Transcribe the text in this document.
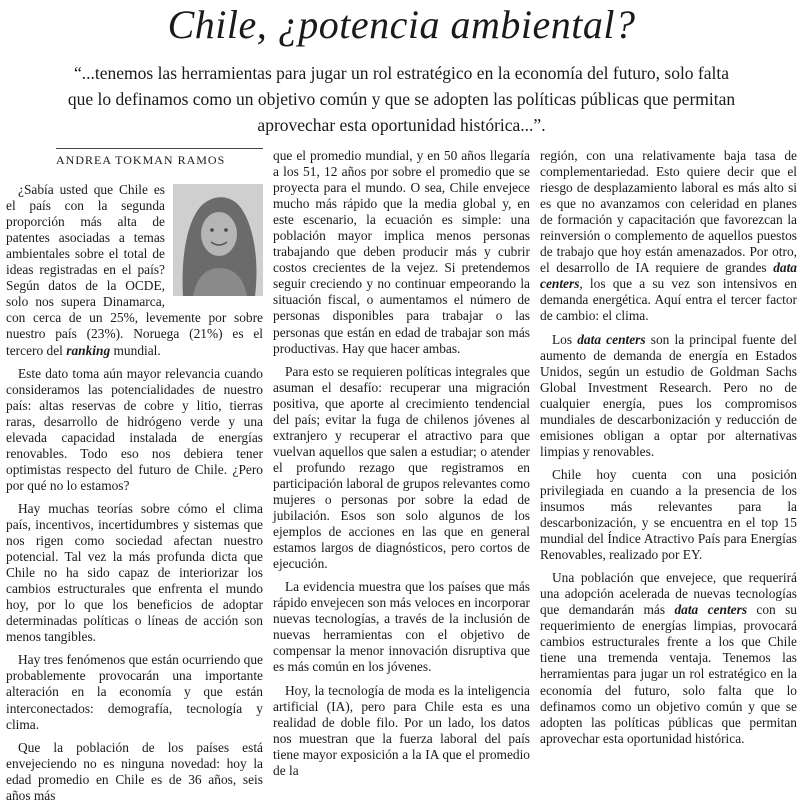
Chile, ¿potencia ambiental?
“...tenemos las herramientas para jugar un rol estratégico en la economía del futuro, solo falta que lo definamos como un objetivo común y que se adopten las políticas públicas que permitan aprovechar esta oportunidad histórica...”.
ANDREA TOKMAN RAMOS

¿Sabía usted que Chile es el país con la segunda proporción más alta de patentes asociadas a temas ambientales sobre el total de ideas registradas en el país? Según datos de la OCDE, solo nos supera Dinamarca, con cerca de un 25%, levemente por sobre nuestro país (23%). Noruega (21%) es el tercero del ranking mundial.

Este dato toma aún mayor relevancia cuando consideramos las potencialidades de nuestro país: altas reservas de cobre y litio, tierras raras, desarrollo de hidrógeno verde y una elevada capacidad instalada de energías renovables. Todo eso nos debiera tener optimistas respecto del futuro de Chile. ¿Pero por qué no lo estamos?

Hay muchas teorías sobre cómo el clima país, incentivos, incertidumbres y sistemas que nos rigen como sociedad afectan nuestro potencial. Tal vez la más profunda dicta que Chile no ha sido capaz de interiorizar los cambios estructurales que enfrenta el mundo hoy, por lo que los beneficios de adoptar determinadas políticas o líneas de acción son menos tangibles.

Hay tres fenómenos que están ocurriendo que probablemente provocarán una importante alteración en la economía y que están interconectados: demografía, tecnología y clima.

Que la población de los países está envejeciendo no es ninguna novedad: hoy la edad promedio en Chile es de 36 años, seis años más

que el promedio mundial, y en 50 años llegaría a los 51, 12 años por sobre el promedio que se proyecta para el mundo. O sea, Chile envejece mucho más rápido que la media global y, en este escenario, la ecuación es simple: una población mayor implica menos personas trabajando que deben producir más y cubrir costos crecientes de la vejez. Si pretendemos seguir creciendo y no continuar empeorando la situación fiscal, o aumentamos el número de personas disponibles para trabajar o las personas que están en edad de trabajar son más productivas. Hay que hacer ambas.

Para esto se requieren políticas integrales que asuman el desafío: recuperar una migración positiva, que aporte al crecimiento tendencial del país; evitar la fuga de chilenos jóvenes al extranjero y recuperar el atractivo para que vuelvan aquellos que salen a estudiar; o atender el profundo rezago que registramos en participación laboral de grupos relevantes como mujeres o personas por sobre la edad de jubilación. Esos son solo algunos de los ejemplos de acciones en las que en general estamos largos de diagnósticos, pero cortos de ejecución.

La evidencia muestra que los países que más rápido envejecen son más veloces en incorporar nuevas tecnologías, a través de la inclusión de nuevas herramientas con el objetivo de compensar la menor innovación disruptiva que es más común en los jóvenes.

Hoy, la tecnología de moda es la inteligencia artificial (IA), pero para Chile esta es una realidad de doble filo. Por un lado, los datos nos muestran que la fuerza laboral del país tiene mayor exposición a la IA que el promedio de la

región, con una relativamente baja tasa de complementariedad. Esto quiere decir que el riesgo de desplazamiento laboral es más alto si es que no avanzamos con celeridad en planes de formación y capacitación que favorezcan la reinversión o complemento de aquellos puestos de trabajo que hoy están amenazados. Por otro, el desarrollo de IA requiere de grandes data centers, los que a su vez son intensivos en demanda energética. Aquí entra el tercer factor de cambio: el clima.

Los data centers son la principal fuente del aumento de demanda de energía en Estados Unidos, según un estudio de Goldman Sachs Global Investment Research. Pero no de cualquier energía, pues los compromisos mundiales de descarbonización y reducción de emisiones obligan a optar por alternativas limpias y renovables.

Chile hoy cuenta con una posición privilegiada en cuando a la presencia de los insumos más relevantes para la descarbonización, y se encuentra en el top 15 mundial del Índice Atractivo País para Energías Renovables, realizado por EY.

Una población que envejece, que requerirá una adopción acelerada de nuevas tecnologías que demandarán más data centers con su requerimiento de energías limpias, provocará cambios estructurales frente a los que Chile tiene una tremenda ventaja. Tenemos las herramientas para jugar un rol estratégico en la economía del futuro, solo falta que lo definamos como un objetivo común y que se adopten las políticas públicas que permitan aprovechar esta oportunidad histórica.
